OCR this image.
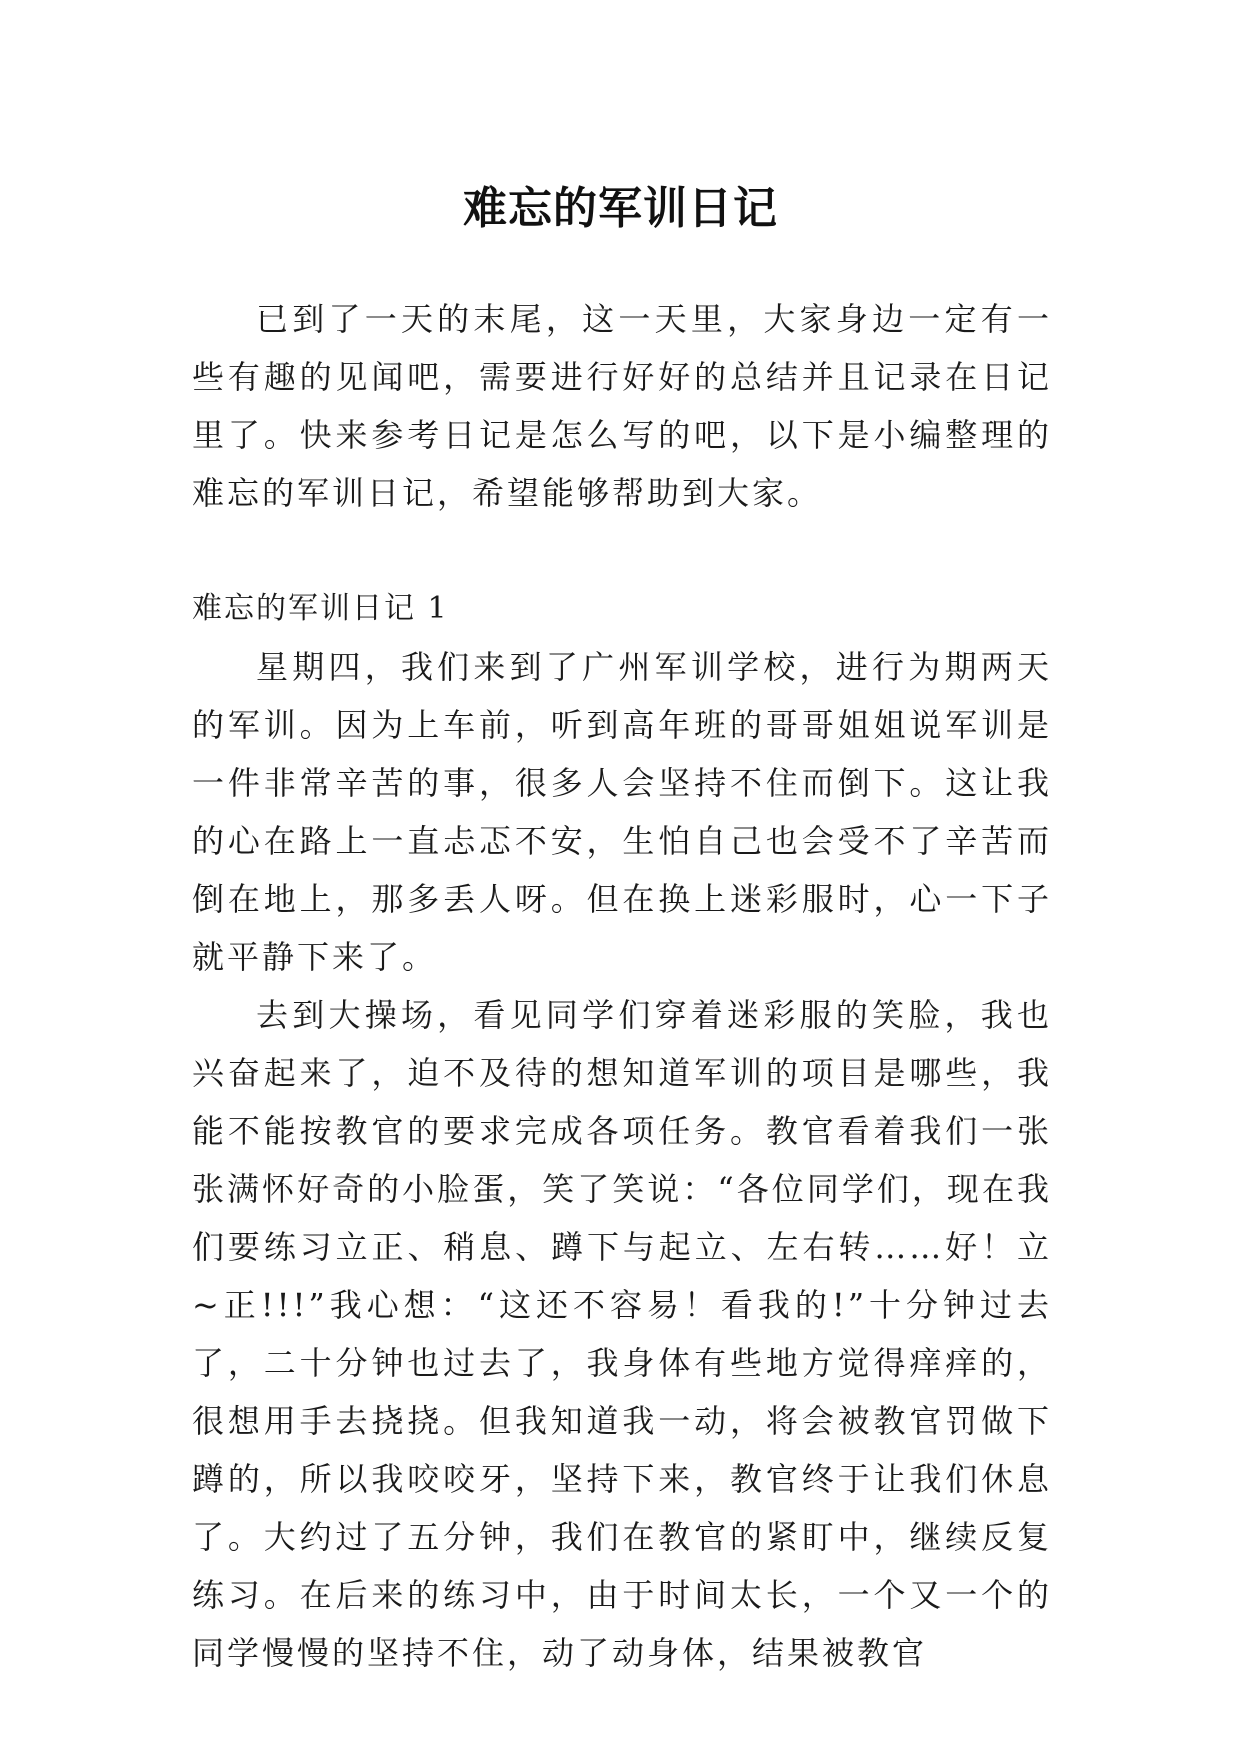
难忘的军训日记

已到了一天的末尾，这一天里，大家身边一定有一些有趣的见闻吧，需要进行好好的总结并且记录在日记里了。快来参考日记是怎么写的吧，以下是小编整理的难忘的军训日记，希望能够帮助到大家。

难忘的军训日记 1

星期四，我们来到了广州军训学校，进行为期两天的军训。因为上车前，听到高年班的哥哥姐姐说军训是一件非常辛苦的事，很多人会坚持不住而倒下。这让我的心在路上一直忐忑不安，生怕自己也会受不了辛苦而倒在地上，那多丢人呀。但在换上迷彩服时，心一下子就平静下来了。

去到大操场，看见同学们穿着迷彩服的笑脸，我也兴奋起来了，迫不及待的想知道军训的项目是哪些，我能不能按教官的要求完成各项任务。教官看着我们一张张满怀好奇的小脸蛋，笑了笑说：“各位同学们，现在我们要练习立正、稍息、蹲下与起立、左右转……好！立~正!!!”我心想：“这还不容易！看我的!”十分钟过去了，二十分钟也过去了，我身体有些地方觉得痒痒的，很想用手去挠挠。但我知道我一动，将会被教官罚做下蹲的，所以我咬咬牙，坚持下来，教官终于让我们休息了。大约过了五分钟，我们在教官的紧盯中，继续反复练习。在后来的练习中，由于时间太长，一个又一个的同学慢慢的坚持不住，动了动身体，结果被教官
